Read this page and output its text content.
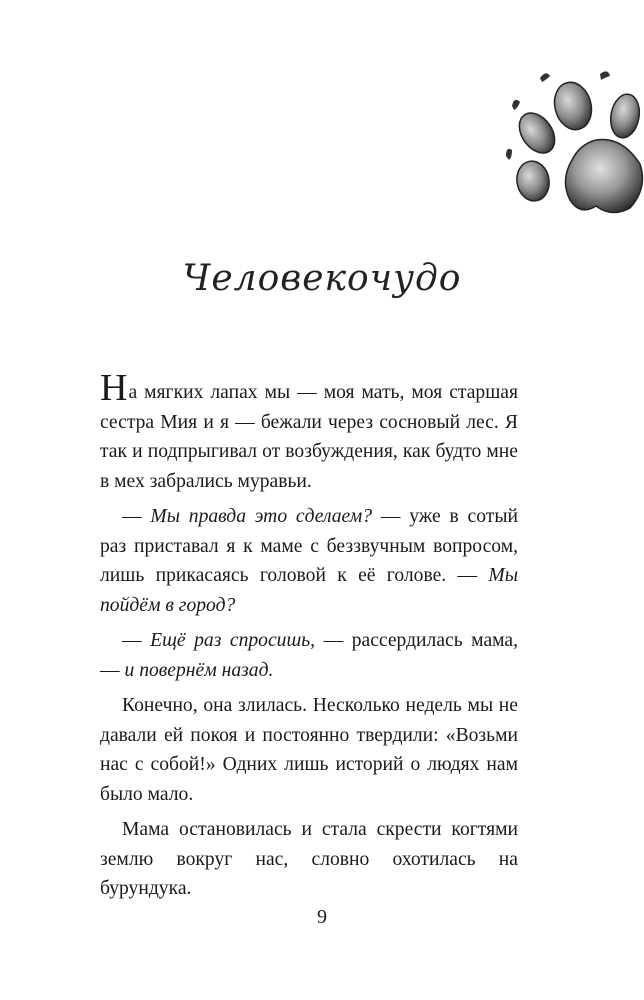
Человекочудо

На мягких лапах мы — моя мать, моя старшая сестра Мия и я — бежали через сосновый лес. Я так и подпрыгивал от возбуждения, как будто мне в мех забрались муравьи.

— Мы правда это сделаем? — уже в сотый раз приставал я к маме с беззвучным вопросом, лишь прикасаясь головой к её голове. — Мы пойдём в город?

— Ещё раз спросишь, — рассердилась мама, — и повернём назад.

Конечно, она злилась. Несколько недель мы не давали ей покоя и постоянно твердили: «Возьми нас с собой!» Одних лишь историй о людях нам было мало.

Мама остановилась и стала скрести когтями землю вокруг нас, словно охотилась на бурундука.

9
